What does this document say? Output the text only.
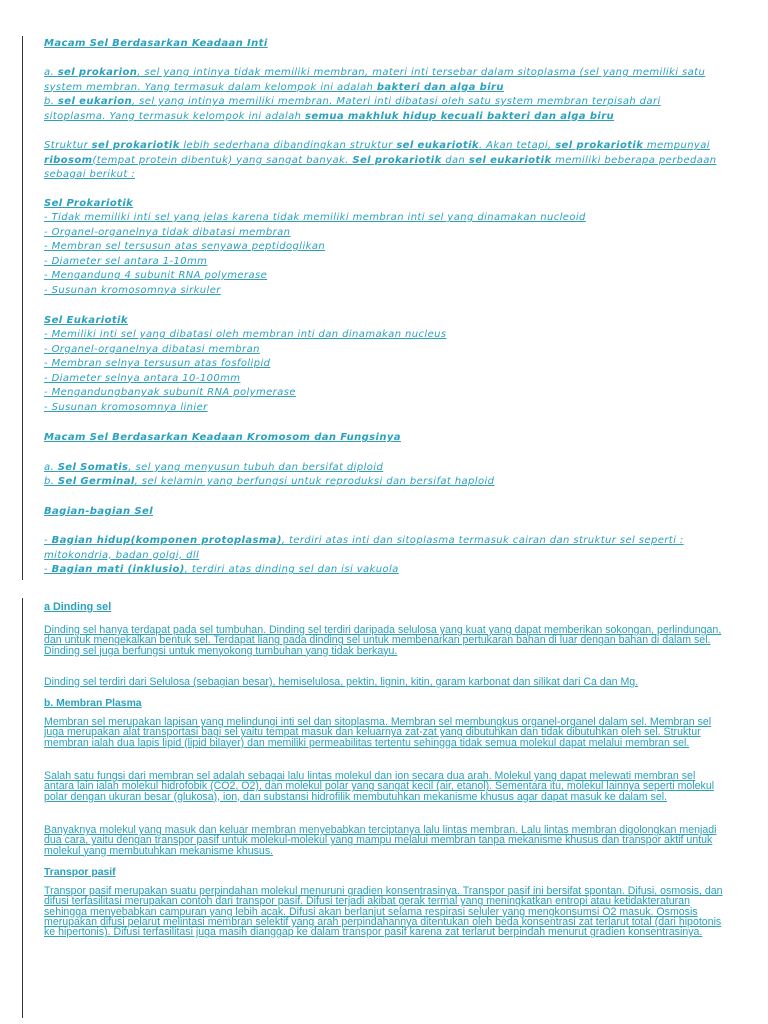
Macam Sel Berdasarkan Keadaan Inti

a. sel prokarion, sel yang intinya tidak memiliki membran, materi inti tersebar dalam sitoplasma (sel yang memiliki satu system membran. Yang termasuk dalam kelompok ini adalah bakteri dan alga biru

b. sel eukarion, sel yang intinya memiliki membran. Materi inti dibatasi oleh satu system membran terpisah dari sitoplasma. Yang termasuk kelompok ini adalah semua makhluk hidup kecuali bakteri dan alga biru

Struktur sel prokariotik lebih sederhana dibandingkan struktur sel eukariotik. Akan tetapi, sel prokariotik mempunyai ribosom(tempat protein dibentuk) yang sangat banyak. Sel prokariotik dan sel eukariotik memiliki beberapa perbedaan sebagai berikut :

Sel Prokariotik

- Tidak memiliki inti sel yang jelas karena tidak memiliki membran inti sel yang dinamakan nucleoid
- Organel-organelnya tidak dibatasi membran
- Membran sel tersusun atas senyawa peptidoglikan
- Diameter sel antara 1-10mm
- Mengandung 4 subunit RNA polymerase
- Susunan kromosomnya sirkuler

Sel Eukariotik

- Memiliki inti sel yang dibatasi oleh membran inti dan dinamakan nucleus
- Organel-organelnya dibatasi membran
- Membran selnya tersusun atas fosfolipid
- Diameter selnya antara 10-100mm
- Mengandungbanyak subunit RNA polymerase
- Susunan kromosomnya linier

Macam Sel Berdasarkan Keadaan Kromosom dan Fungsinya

a. Sel Somatis, sel yang menyusun tubuh dan bersifat diploid

b. Sel Germinal, sel kelamin yang berfungsi untuk reproduksi dan bersifat haploid

Bagian-bagian Sel

- Bagian hidup(komponen protoplasma), terdiri atas inti dan sitoplasma termasuk cairan dan struktur sel seperti : mitokondria, badan golgi, dll

- Bagian mati (inklusio), terdiri atas dinding sel dan isi vakuola

a Dinding sel
Dinding sel hanya terdapat pada sel tumbuhan. Dinding sel terdiri daripada selulosa yang kuat yang dapat memberikan sokongan, perlindungan, dan untuk mengekalkan bentuk sel. Terdapat liang pada dinding sel untuk membenarkan pertukaran bahan di luar dengan bahan di dalam sel.
Dinding sel juga berfungsi untuk menyokong tumbuhan yang tidak berkayu.
Dinding sel terdiri dari Selulosa (sebagian besar), hemiselulosa, pektin, lignin, kitin, garam karbonat dan silikat dari Ca dan Mg.
b. Membran Plasma
Membran sel merupakan lapisan yang melindungi inti sel dan sitoplasma. Membran sel membungkus organel-organel dalam sel. Membran sel juga merupakan alat transportasi bagi sel yaitu tempat masuk dan keluarnya zat-zat yang dibutuhkan dan tidak dibutuhkan oleh sel. Struktur membran ialah dua lapis lipid (lipid bilayer) dan memiliki permeabilitas tertentu sehingga tidak semua molekul dapat melalui membran sel.
Salah satu fungsi dari membran sel adalah sebagai lalu lintas molekul dan ion secara dua arah. Molekul yang dapat melewati membran sel antara lain ialah molekul hidrofobik (CO2, O2), dan molekul polar yang sangat kecil (air, etanol). Sementara itu, molekul lainnya seperti molekul polar dengan ukuran besar (glukosa), ion, dan substansi hidrofilik membutuhkan mekanisme khusus agar dapat masuk ke dalam sel.
Banyaknya molekul yang masuk dan keluar membran menyebabkan terciptanya lalu lintas membran. Lalu lintas membran digolongkan menjadi dua cara, yaitu dengan transpor pasif untuk molekul-molekul yang mampu melalui membran tanpa mekanisme khusus dan transpor aktif untuk molekul yang membutuhkan mekanisme khusus.
Transpor pasif
Transpor pasif merupakan suatu perpindahan molekul menuruni gradien konsentrasinya. Transpor pasif ini bersifat spontan. Difusi, osmosis, dan difusi terfasilitasi merupakan contoh dari transpor pasif. Difusi terjadi akibat gerak termal yang meningkatkan entropi atau ketidakteraturan sehingga menyebabkan campuran yang lebih acak. Difusi akan berlanjut selama respirasi seluler yang mengkonsumsi O2 masuk. Osmosis merupakan difusi pelarut melintasi membran selektif yang arah perpindahannya ditentukan oleh beda konsentrasi zat terlarut total (dari hipotonis ke hipertonis). Difusi terfasilitasi juga masih dianggap ke dalam transpor pasif karena zat terlarut berpindah menurut gradien konsentrasinya.
